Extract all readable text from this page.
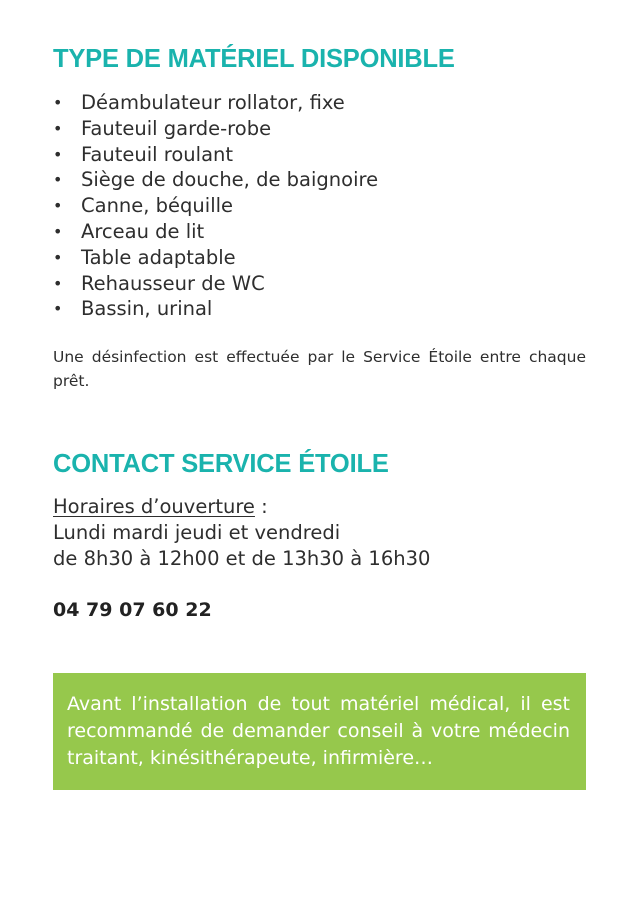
TYPE DE MATÉRIEL DISPONIBLE
• Déambulateur rollator, fixe
• Fauteuil garde-robe
• Fauteuil roulant
• Siège de douche, de baignoire
• Canne, béquille
• Arceau de lit
• Table adaptable
• Rehausseur de WC
• Bassin, urinal

Une désinfection est effectuée par le Service Étoile entre chaque prêt.

CONTACT SERVICE ÉTOILE
Horaires d’ouverture :
Lundi mardi jeudi et vendredi
de 8h30 à 12h00 et de 13h30 à 16h30
04 79 07 60 22

Avant l’installation de tout matériel médical, il est recommandé de demander conseil à votre médecin traitant, kinésithérapeute, infirmière…
